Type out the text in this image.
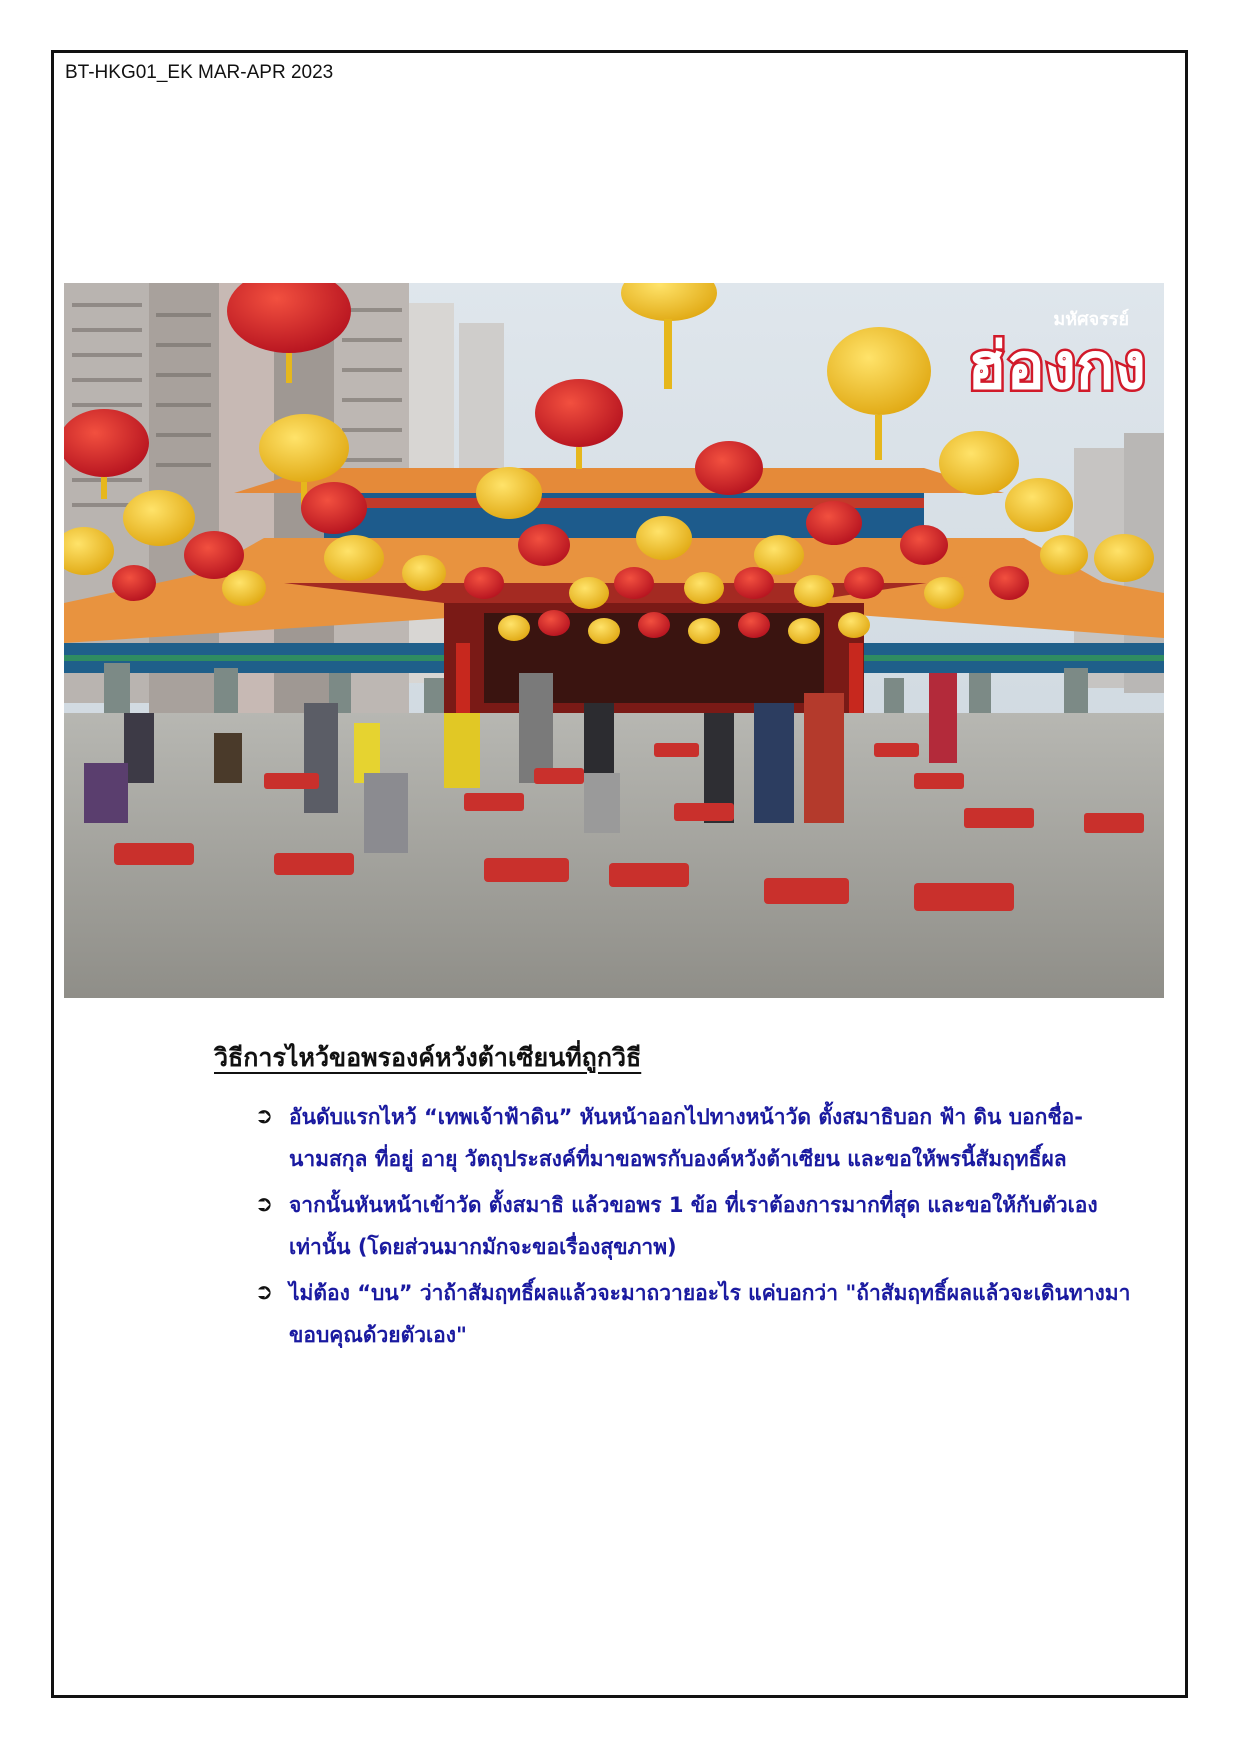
BT-HKG01_EK MAR-APR 2023
มหัศจรรย์
ฮ่องกง
วิธีการไหว้ขอพรองค์หวังต้าเซียนที่ถูกวิธี
➲ อันดับแรกไหว้ “เทพเจ้าฟ้าดิน” หันหน้าออกไปทางหน้าวัด ตั้งสมาธิบอก ฟ้า ดิน บอกชื่อ-นามสกุล ที่อยู่ อายุ วัตถุประสงค์ที่มาขอพรกับองค์หวังต้าเซียน และขอให้พรนี้สัมฤทธิ์ผล
➲ จากนั้นหันหน้าเข้าวัด ตั้งสมาธิ แล้วขอพร 1 ข้อ ที่เราต้องการมากที่สุด และขอให้กับตัวเองเท่านั้น (โดยส่วนมากมักจะขอเรื่องสุขภาพ)
➲ ไม่ต้อง “บน” ว่าถ้าสัมฤทธิ์ผลแล้วจะมาถวายอะไร แค่บอกว่า "ถ้าสัมฤทธิ์ผลแล้วจะเดินทางมาขอบคุณด้วยตัวเอง"
